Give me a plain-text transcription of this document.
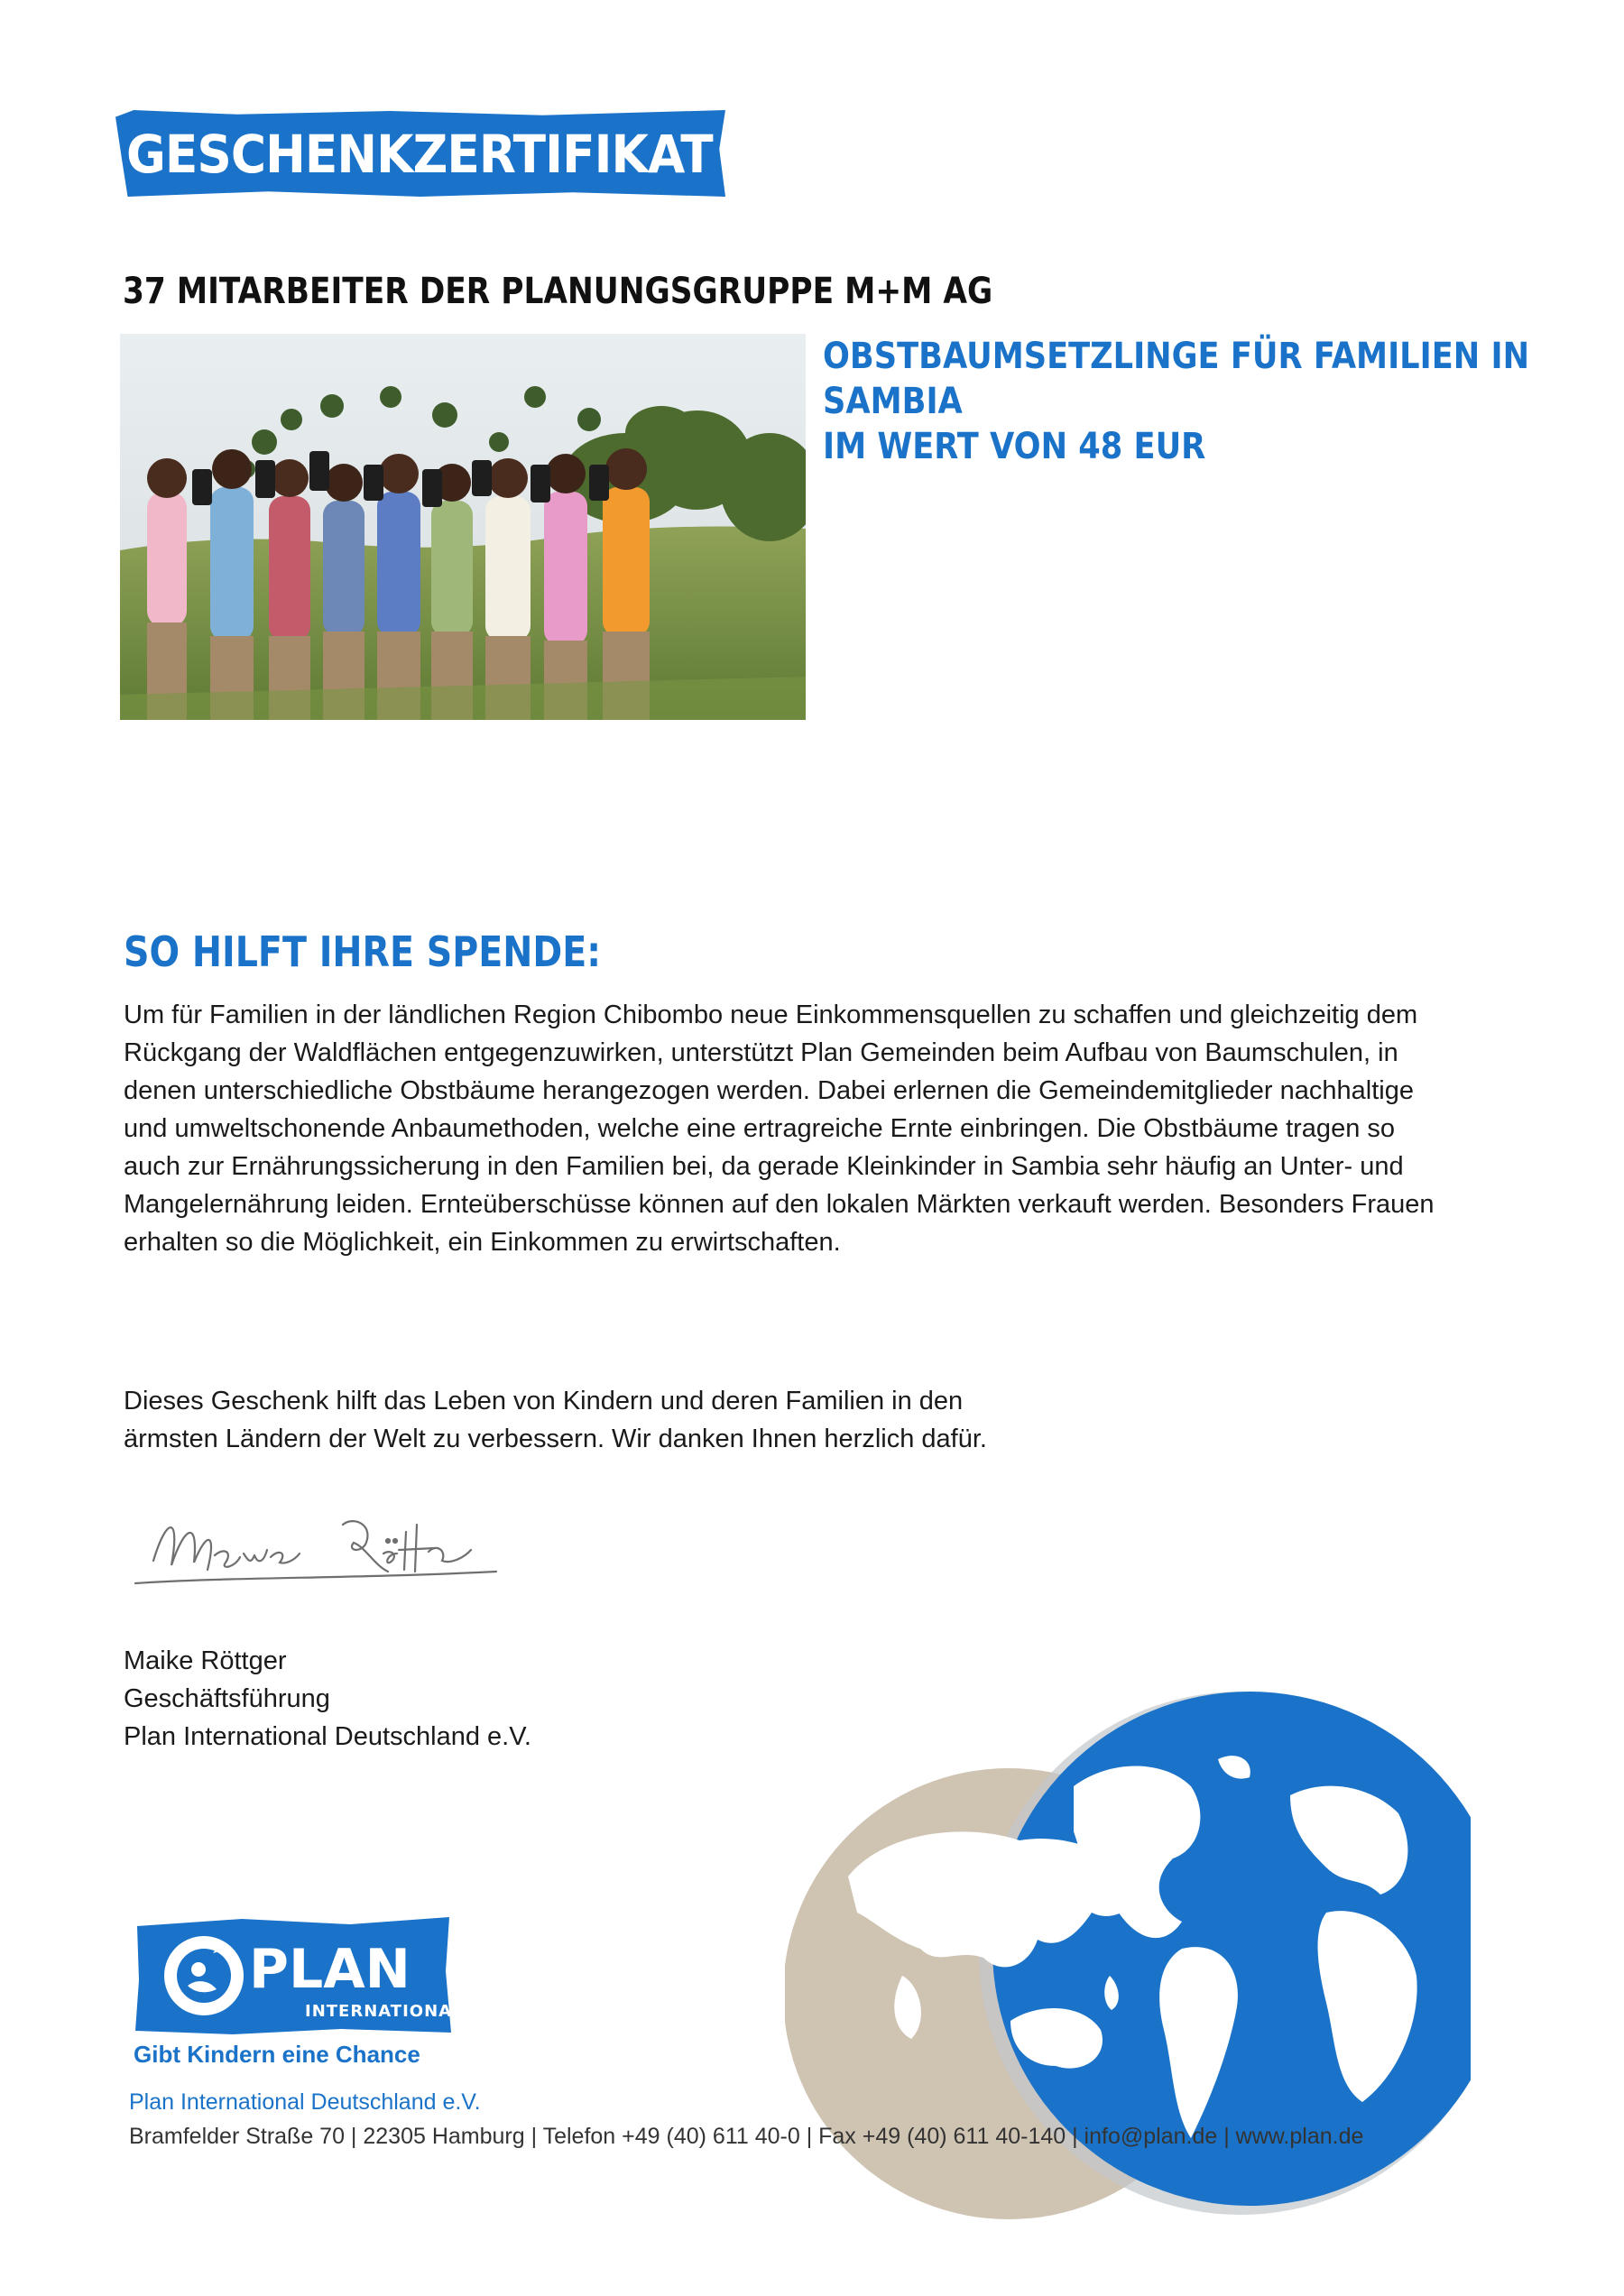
GESCHENKZERTIFIKAT
37 MITARBEITER DER PLANUNGSGRUPPE M+M AG
OBSTBAUMSETZLINGE FÜR FAMILIEN IN
SAMBIA
IM WERT VON 48 EUR
SO HILFT IHRE SPENDE:
Um für Familien in der ländlichen Region Chibombo neue Einkommensquellen zu schaffen und gleichzeitig dem Rückgang der Waldflächen entgegenzuwirken, unterstützt Plan Gemeinden beim Aufbau von Baumschulen, in denen unterschiedliche Obstbäume herangezogen werden. Dabei erlernen die Gemeindemitglieder nachhaltige und umweltschonende Anbaumethoden, welche eine ertragreiche Ernte einbringen. Die Obstbäume tragen so auch zur Ernährungssicherung in den Familien bei, da gerade Kleinkinder in Sambia sehr häufig an Unter- und Mangelernährung leiden. Ernteüberschüsse können auf den lokalen Märkten verkauft werden. Besonders Frauen erhalten so die Möglichkeit, ein Einkommen zu erwirtschaften.
Dieses Geschenk hilft das Leben von Kindern und deren Familien in den
ärmsten Ländern der Welt zu verbessern. Wir danken Ihnen herzlich dafür.
Maike Röttger
Geschäftsführung
Plan International Deutschland e.V.
PLAN
INTERNATIONAL
Gibt Kindern eine Chance
Plan International Deutschland e.V.
Bramfelder Straße 70 | 22305 Hamburg | Telefon +49 (40) 611 40-0 | Fax +49 (40) 611 40-140 | info@plan.de | www.plan.de
